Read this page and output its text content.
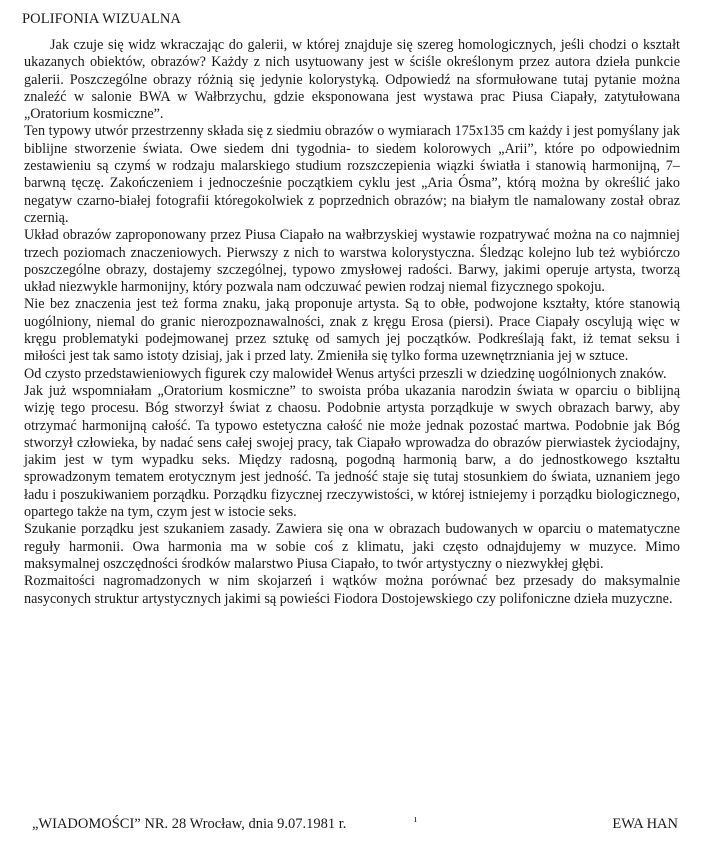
POLIFONIA WIZUALNA

Jak czuje się widz wkraczając do galerii, w której znajduje się szereg homologicznych, jeśli chodzi o kształt ukazanych obiektów, obrazów? Każdy z nich usytuowany jest w ściśle określonym przez autora dzieła punkcie galerii. Poszczególne obrazy różnią się jedynie kolorystyką. Odpowiedź na sformułowane tutaj pytanie można znaleźć w salonie BWA w Wałbrzychu, gdzie eksponowana jest wystawa prac Piusa Ciapały, zatytułowana „Oratorium kosmiczne”.

Ten typowy utwór przestrzenny składa się z siedmiu obrazów o wymiarach 175x135 cm każdy i jest pomyślany jak biblijne stworzenie świata. Owe siedem dni tygodnia- to siedem kolorowych „Arii”, które po odpowiednim zestawieniu są czymś w rodzaju malarskiego studium rozszczepienia wiązki światła i stanowią harmonijną, 7–barwną tęczę. Zakończeniem i jednocześnie początkiem cyklu jest „Aria Ósma”, którą można by określić jako negatyw czarno-białej fotografii któregokolwiek z poprzednich obrazów; na białym tle namalowany został obraz czernią.

Układ obrazów zaproponowany przez Piusa Ciapało na wałbrzyskiej wystawie rozpatrywać można na co najmniej trzech poziomach znaczeniowych. Pierwszy z nich to warstwa kolorystyczna. Śledząc kolejno lub też wybiórczo poszczególne obrazy, dostajemy szczególnej, typowo zmysłowej radości. Barwy, jakimi operuje artysta, tworzą układ niezwykle harmonijny, który pozwala nam odczuwać pewien rodzaj niemal fizycznego spokoju.

Nie bez znaczenia jest też forma znaku, jaką proponuje artysta. Są to obłe, podwojone kształty, które stanowią uogólniony, niemal do granic nierozpoznawalności, znak z kręgu Erosa (piersi). Prace Ciapały oscylują więc w kręgu problematyki podejmowanej przez sztukę od samych jej początków. Podkreślają fakt, iż temat seksu i miłości jest tak samo istoty dzisiaj, jak i przed laty. Zmieniła się tylko forma uzewnętrzniania jej w sztuce.

Od czysto przedstawieniowych figurek czy malowideł Wenus artyści przeszli w dziedzinę uogólnionych znaków.

Jak już wspomniałam „Oratorium kosmiczne” to swoista próba ukazania narodzin świata w oparciu o biblijną wizję tego procesu. Bóg stworzył świat z chaosu. Podobnie artysta porządkuje w swych obrazach barwy, aby otrzymać harmonijną całość. Ta typowo estetyczna całość nie może jednak pozostać martwa. Podobnie jak Bóg stworzył człowieka, by nadać sens całej swojej pracy, tak Ciapało wprowadza do obrazów pierwiastek życiodajny, jakim jest w tym wypadku seks. Między radosną, pogodną harmonią barw, a do jednostkowego kształtu sprowadzonym tematem erotycznym jest jedność. Ta jedność staje się tutaj stosunkiem do świata, uznaniem jego ładu i poszukiwaniem porządku. Porządku fizycznej rzeczywistości, w której istniejemy i porządku biologicznego, opartego także na tym, czym jest w istocie seks.

Szukanie porządku jest szukaniem zasady. Zawiera się ona w obrazach budowanych w oparciu o matematyczne reguły harmonii. Owa harmonia ma w sobie coś z klimatu, jaki często odnajdujemy w muzyce. Mimo maksymalnej oszczędności środków malarstwo Piusa Ciapało, to twór artystyczny o niezwykłej głębi.

Rozmaitości nagromadzonych w nim skojarzeń i wątków można porównać bez przesady do maksymalnie nasyconych struktur artystycznych jakimi są powieści Fiodora Dostojewskiego czy polifoniczne dzieła muzyczne.

„WIADOMOŚCI” NR. 28 Wrocław, dnia 9.07.1981 r.	ı	EWA HAN
